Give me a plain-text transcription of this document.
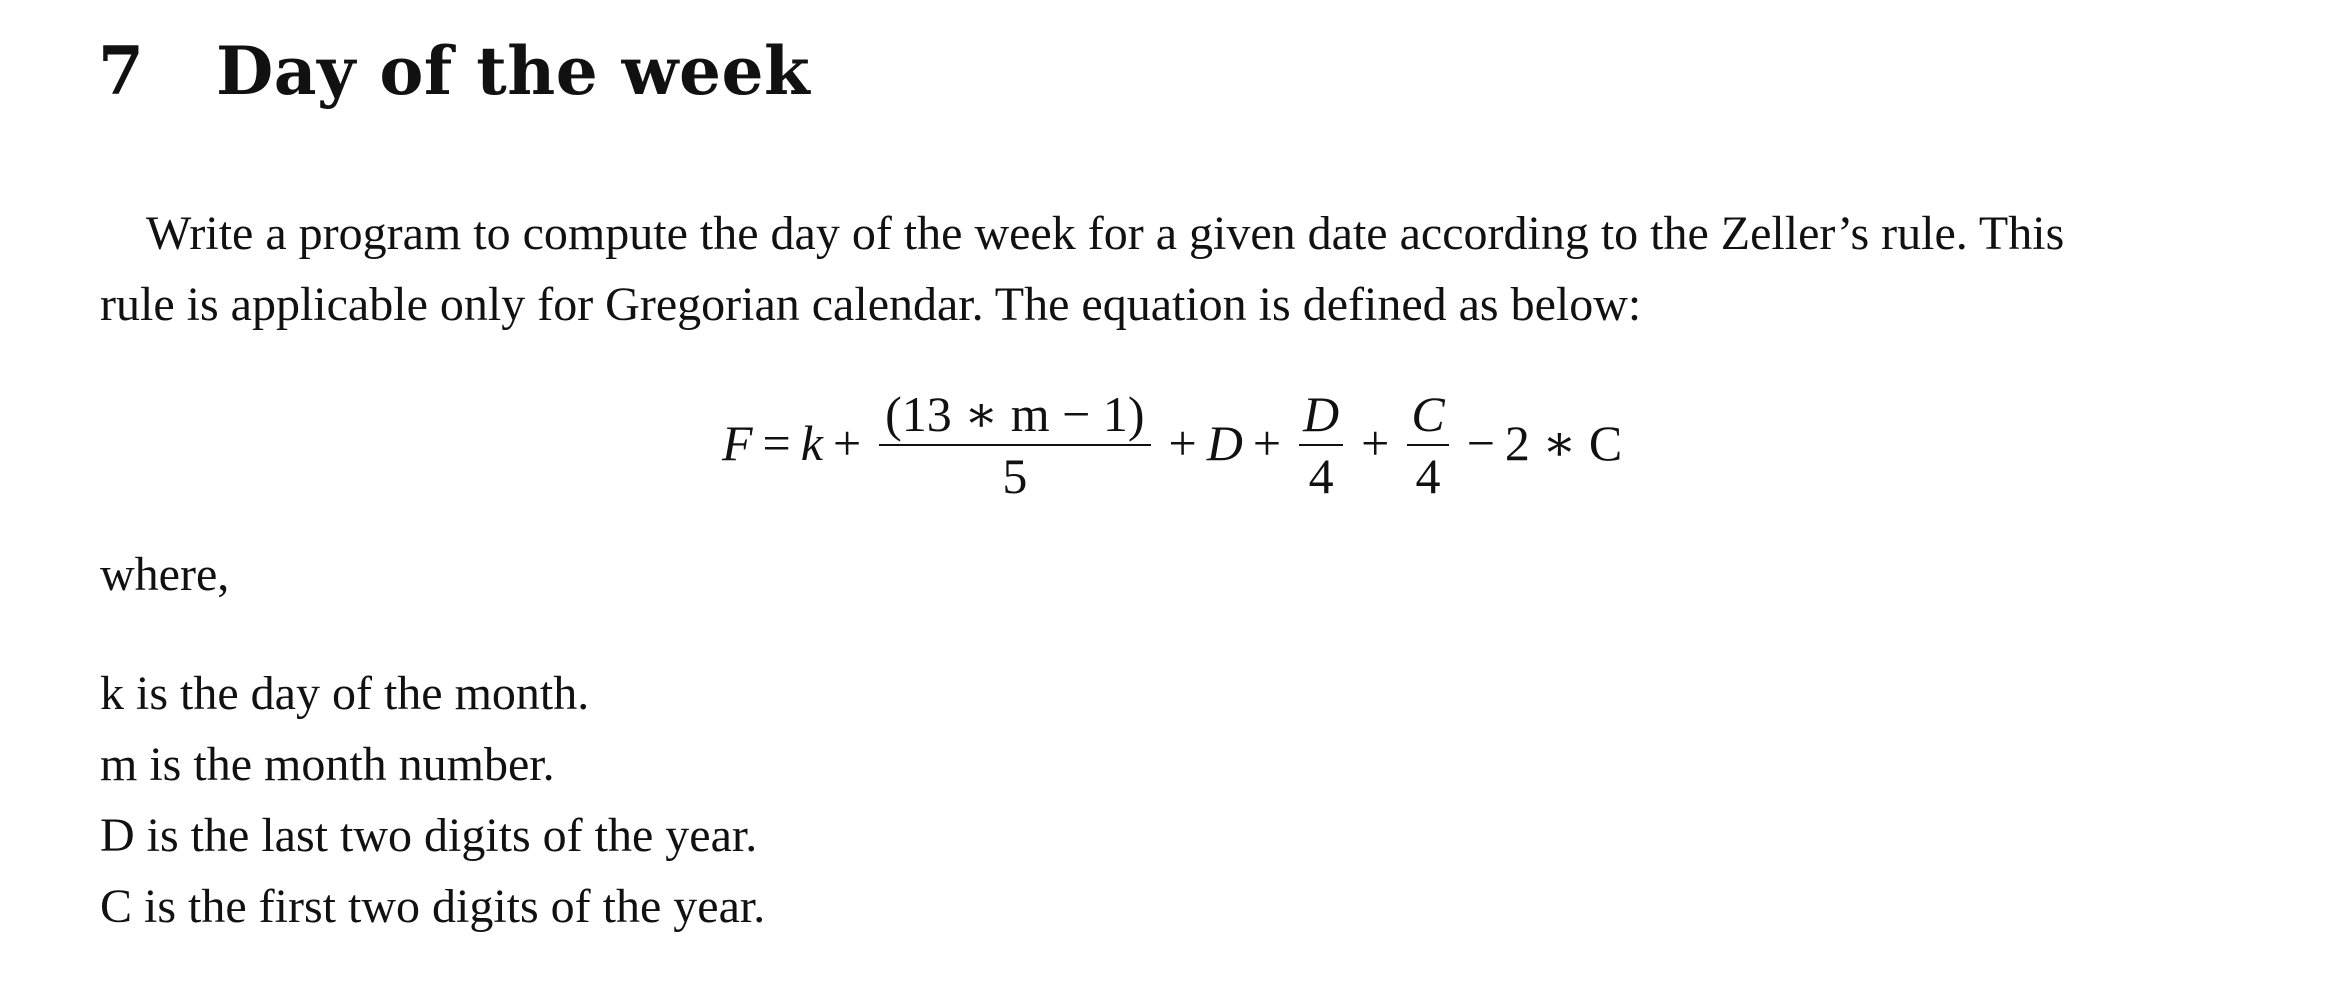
7	Day of the week
Write a program to compute the day of the week for a given date according to the Zeller’s rule. This
rule is applicable only for Gregorian calendar. The equation is defined as below:
$F = k + \frac{(13 ∗ m - 1)}{5} + D + \frac{D}{4} + \frac{C}{4} - 2$ ∗ C
where,
k is the day of the month.
m is the month number.
D is the last two digits of the year.
C is the first two digits of the year.
